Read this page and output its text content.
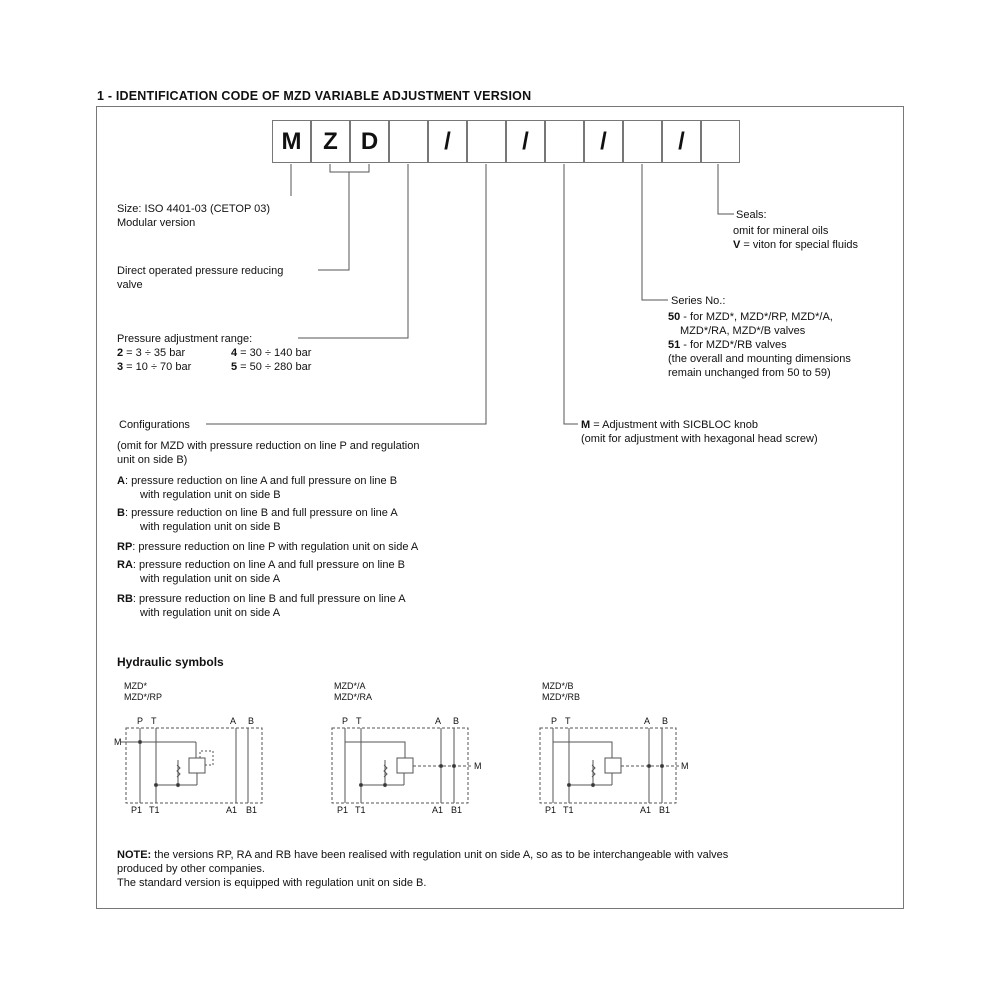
1 - IDENTIFICATION CODE OF MZD VARIABLE ADJUSTMENT VERSION
M Z D	/	/	/	/
Size: ISO 4401-03 (CETOP 03)
Modular version
Direct operated pressure reducing
valve
Pressure adjustment range:
2 = 3 ÷ 35 bar	4 = 30 ÷ 140 bar
3 = 10 ÷ 70 bar	5 = 50 ÷ 280 bar
Configurations
(omit for MZD with pressure reduction on line P and regulation
unit on side B)
A: pressure reduction on line A and full pressure on line B
with regulation unit on side B
B: pressure reduction on line B and full pressure on line A
with regulation unit on side B
RP: pressure reduction on line P with regulation unit on side A
RA: pressure reduction on line A and full pressure on line B
with regulation unit on side A
RB: pressure reduction on line B and full pressure on line A
with regulation unit on side A
M = Adjustment with SICBLOC knob
(omit for adjustment with hexagonal head screw)
Seals:
omit for mineral oils
V = viton for special fluids
Series No.:
50 - for MZD*, MZD*/RP, MZD*/A,
MZD*/RA, MZD*/B valves
51 - for MZD*/RB valves
(the overall and mounting dimensions
remain unchanged from 50 to 59)
Hydraulic symbols
MZD*
MZD*/RP
P T	A B
M
P1 T1	A1 B1
MZD*/A
MZD*/RA
P T	A B
M
P1 T1	A1 B1
MZD*/B
MZD*/RB
P T	A B
M
P1 T1	A1 B1
NOTE: the versions RP, RA and RB have been realised with regulation unit on side A, so as to be interchangeable with valves
produced by other companies.
The standard version is equipped with regulation unit on side B.
